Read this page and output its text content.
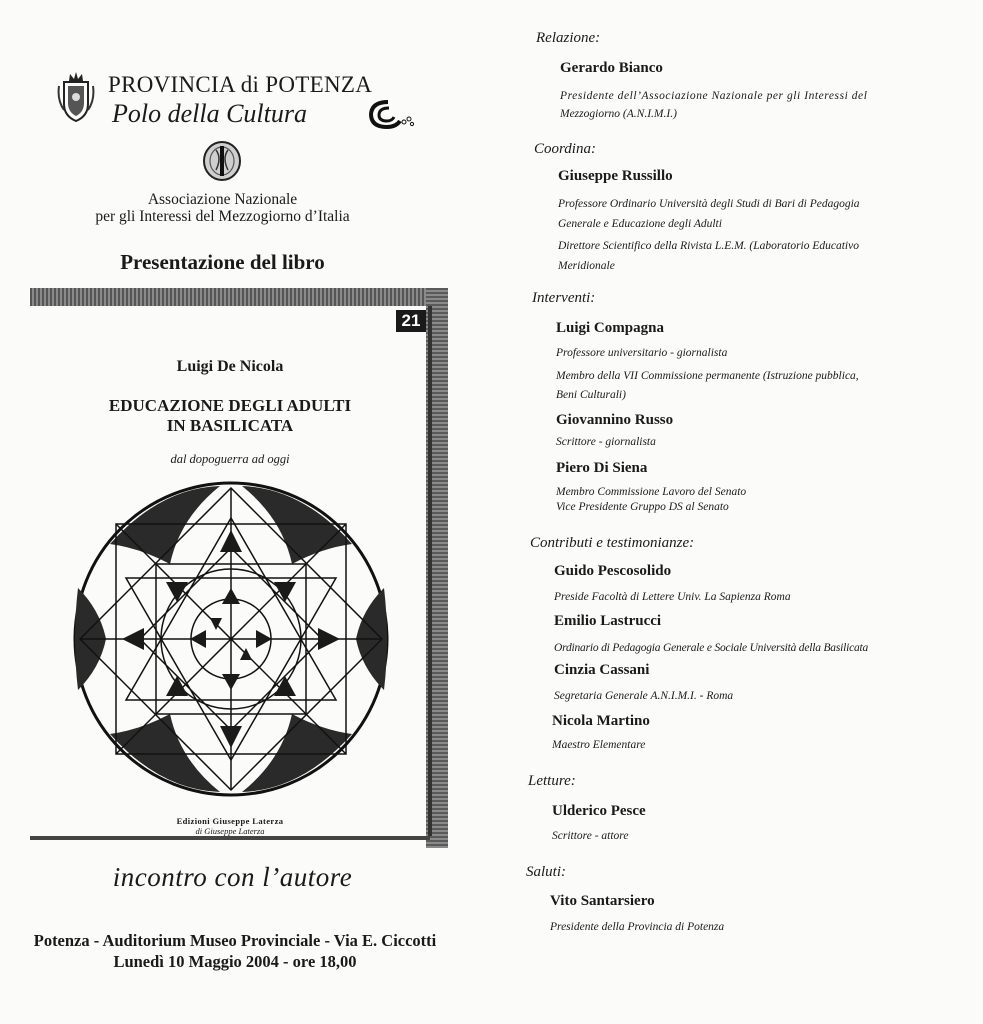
PROVINCIA di POTENZA
Polo della Cultura
Associazione Nazionale
per gli Interessi del Mezzogiorno d’Italia
Presentazione del libro
21
Luigi De Nicola
EDUCAZIONE DEGLI ADULTI
IN BASILICATA
dal dopoguerra ad oggi
Edizioni Giuseppe Laterza
di Giuseppe Laterza
incontro con l’autore
Potenza - Auditorium Museo Provinciale - Via E. Ciccotti
Lunedì 10 Maggio 2004 - ore 18,00
Relazione:
Gerardo Bianco
Presidente dell’Associazione Nazionale per gli Interessi del
Mezzogiorno (A.N.I.M.I.)
Coordina:
Giuseppe Russillo
Professore Ordinario Università degli Studi di Bari di Pedagogia
Generale e Educazione degli Adulti
Direttore Scientifico della Rivista L.E.M. (Laboratorio Educativo
Meridionale
Interventi:
Luigi Compagna
Professore universitario - giornalista
Membro della VII Commissione permanente (Istruzione pubblica,
Beni Culturali)
Giovannino Russo
Scrittore - giornalista
Piero Di Siena
Membro Commissione Lavoro del Senato
Vice Presidente Gruppo DS al Senato
Contributi e testimonianze:
Guido Pescosolido
Preside Facoltà di Lettere Univ. La Sapienza Roma
Emilio Lastrucci
Ordinario di Pedagogia Generale e Sociale Università della Basilicata
Cinzia Cassani
Segretaria Generale A.N.I.M.I. - Roma
Nicola Martino
Maestro Elementare
Letture:
Ulderico Pesce
Scrittore - attore
Saluti:
Vito Santarsiero
Presidente della Provincia di Potenza
